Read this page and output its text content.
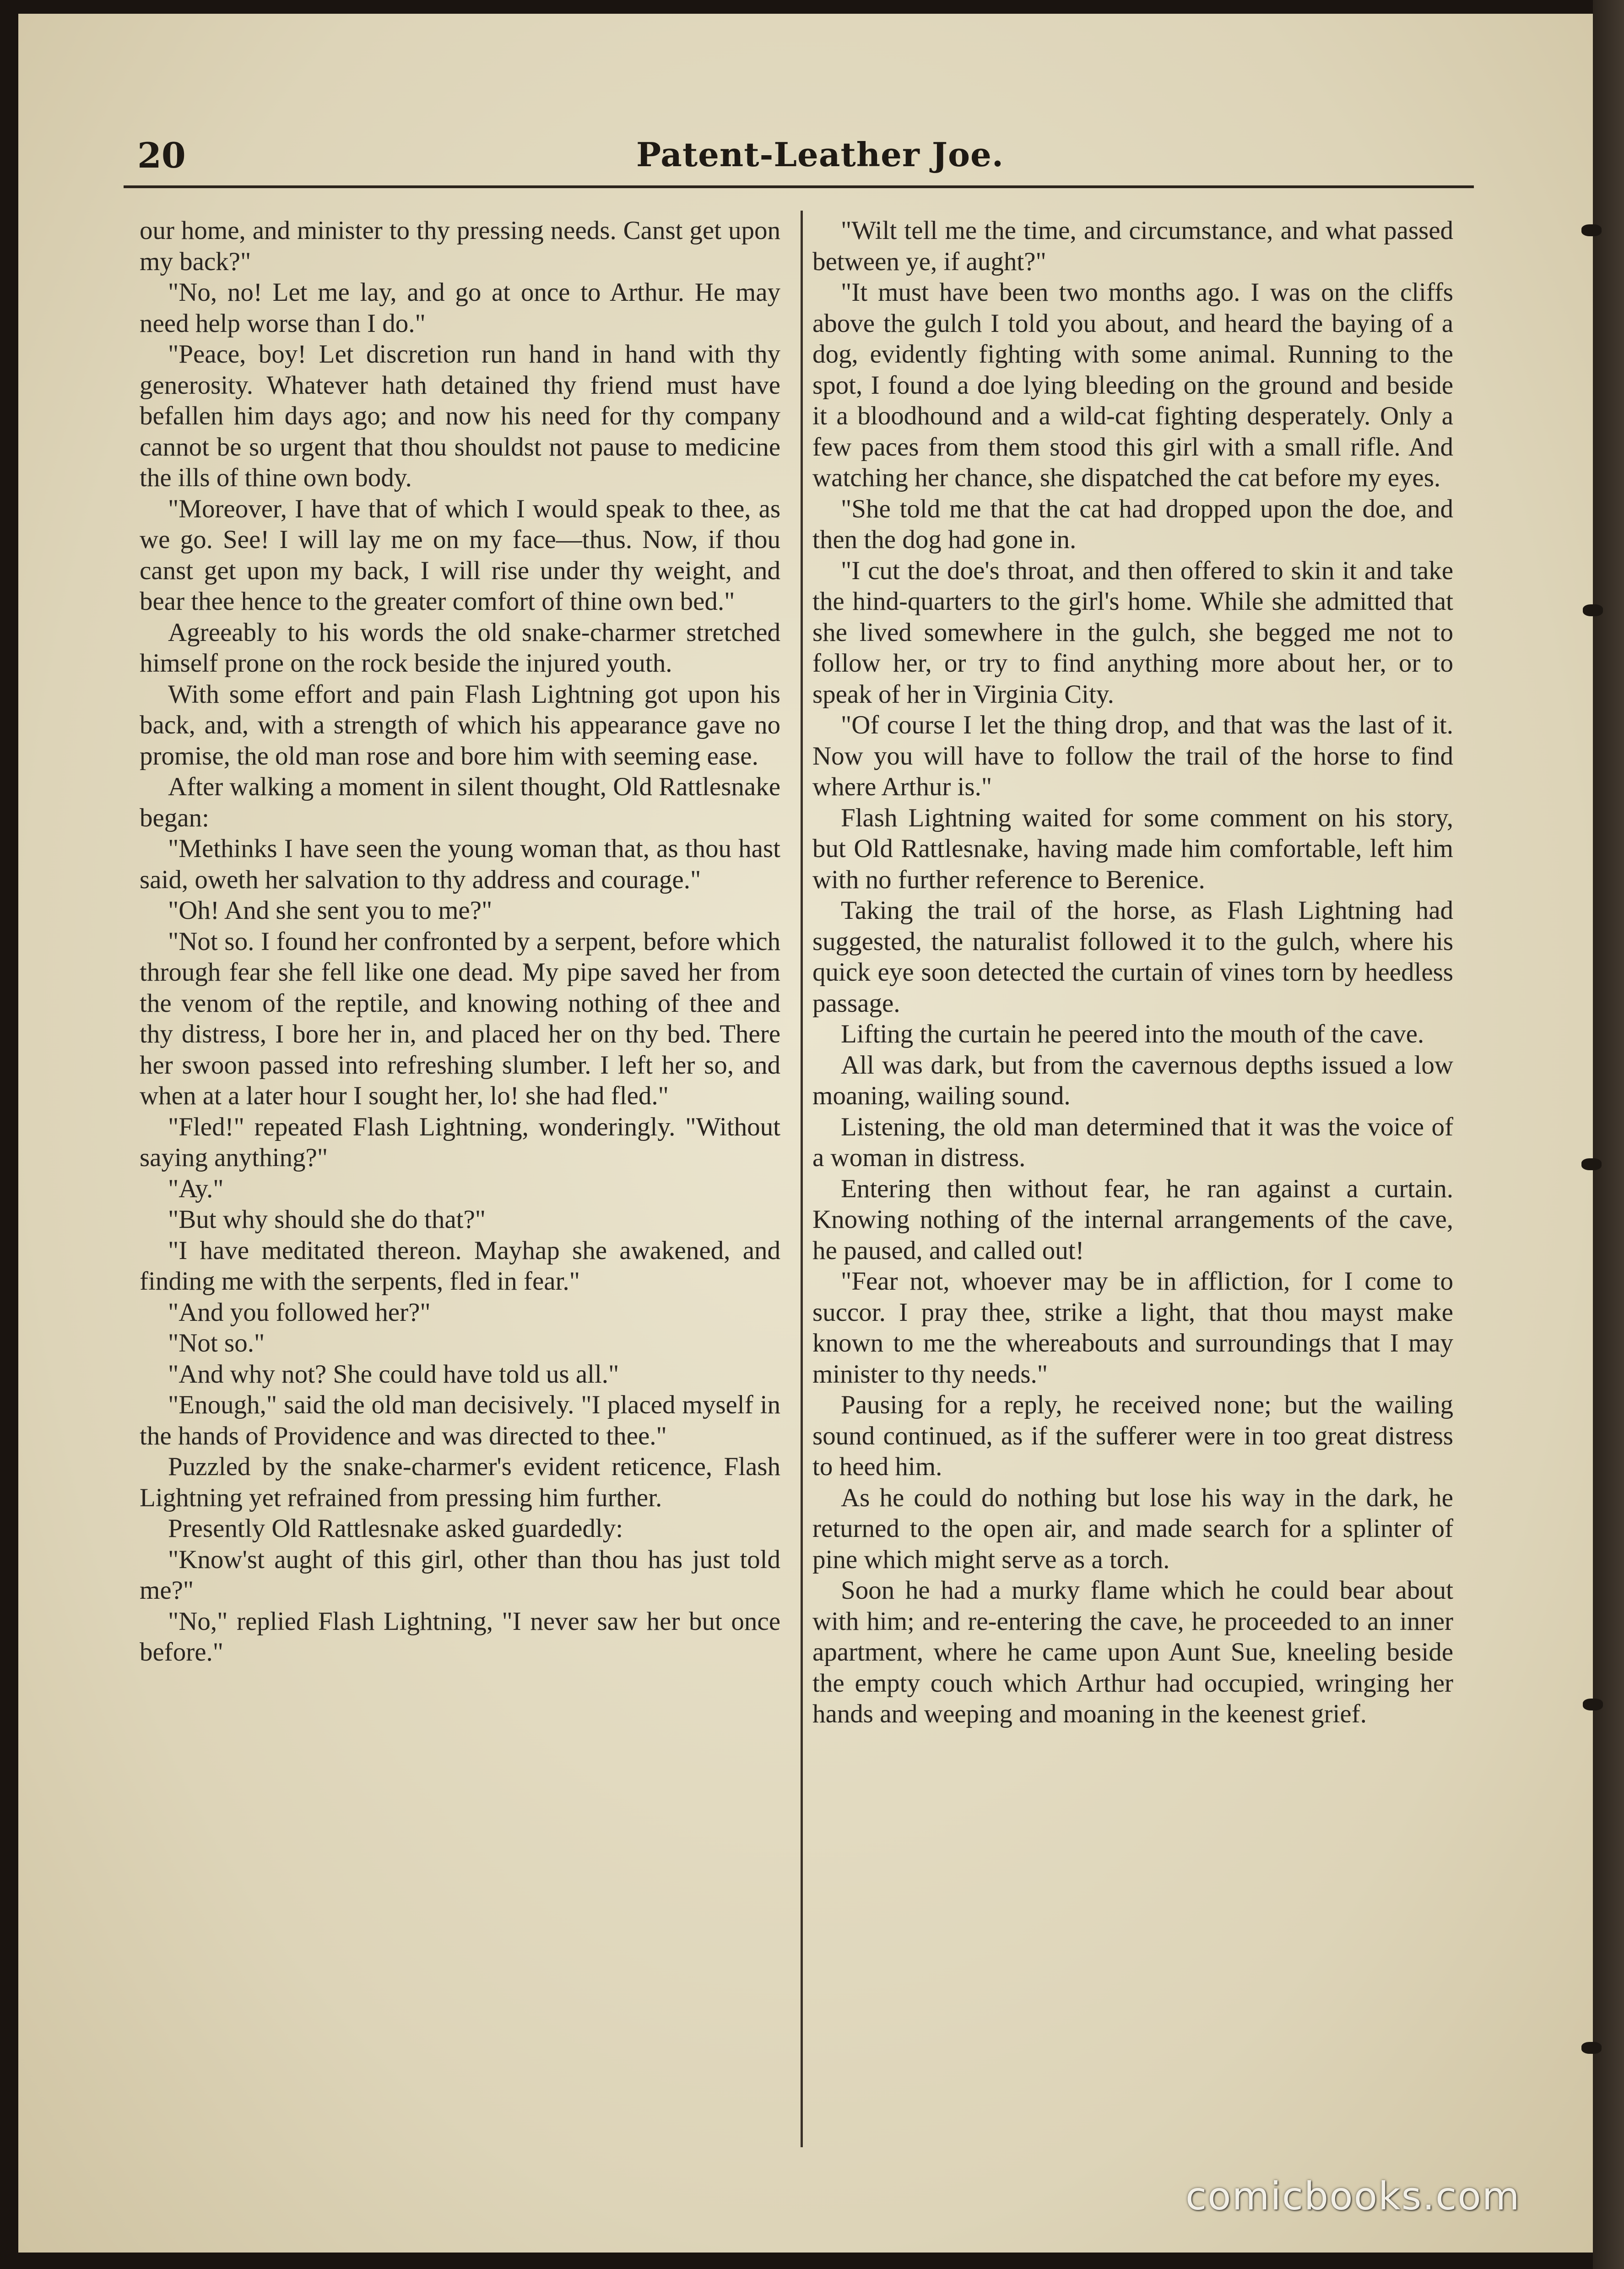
20	Patent-Leather Joe.

our home, and minister to thy pressing needs. Canst get upon my back?"

"No, no! Let me lay, and go at once to Arthur. He may need help worse than I do."

"Peace, boy! Let discretion run hand in hand with thy generosity. Whatever hath detained thy friend must have befallen him days ago; and now his need for thy company cannot be so urgent that thou shouldst not pause to medicine the ills of thine own body.

"Moreover, I have that of which I would speak to thee, as we go. See! I will lay me on my face—thus. Now, if thou canst get upon my back, I will rise under thy weight, and bear thee hence to the greater comfort of thine own bed."

Agreeably to his words the old snake-charmer stretched himself prone on the rock beside the injured youth.

With some effort and pain Flash Lightning got upon his back, and, with a strength of which his appearance gave no promise, the old man rose and bore him with seeming ease.

After walking a moment in silent thought, Old Rattlesnake began:

"Methinks I have seen the young woman that, as thou hast said, oweth her salvation to thy address and courage."

"Oh! And she sent you to me?"

"Not so. I found her confronted by a serpent, before which through fear she fell like one dead. My pipe saved her from the venom of the reptile, and knowing nothing of thee and thy distress, I bore her in, and placed her on thy bed. There her swoon passed into refreshing slumber. I left her so, and when at a later hour I sought her, lo! she had fled."

"Fled!" repeated Flash Lightning, wonderingly. "Without saying anything?"

"Ay."

"But why should she do that?"

"I have meditated thereon. Mayhap she awakened, and finding me with the serpents, fled in fear."

"And you followed her?"

"Not so."

"And why not? She could have told us all."

"Enough," said the old man decisively. "I placed myself in the hands of Providence and was directed to thee."

Puzzled by the snake-charmer's evident reticence, Flash Lightning yet refrained from pressing him further.

Presently Old Rattlesnake asked guardedly:

"Know'st aught of this girl, other than thou has just told me?"

"No," replied Flash Lightning, "I never saw her but once before."

"Wilt tell me the time, and circumstance, and what passed between ye, if aught?"

"It must have been two months ago. I was on the cliffs above the gulch I told you about, and heard the baying of a dog, evidently fighting with some animal. Running to the spot, I found a doe lying bleeding on the ground and beside it a bloodhound and a wild-cat fighting desperately. Only a few paces from them stood this girl with a small rifle. And watching her chance, she dispatched the cat before my eyes.

"She told me that the cat had dropped upon the doe, and then the dog had gone in.

"I cut the doe's throat, and then offered to skin it and take the hind-quarters to the girl's home. While she admitted that she lived somewhere in the gulch, she begged me not to follow her, or try to find anything more about her, or to speak of her in Virginia City.

"Of course I let the thing drop, and that was the last of it. Now you will have to follow the trail of the horse to find where Arthur is."

Flash Lightning waited for some comment on his story, but Old Rattlesnake, having made him comfortable, left him with no further reference to Berenice.

Taking the trail of the horse, as Flash Lightning had suggested, the naturalist followed it to the gulch, where his quick eye soon detected the curtain of vines torn by heedless passage.

Lifting the curtain he peered into the mouth of the cave.

All was dark, but from the cavernous depths issued a low moaning, wailing sound.

Listening, the old man determined that it was the voice of a woman in distress.

Entering then without fear, he ran against a curtain. Knowing nothing of the internal arrangements of the cave, he paused, and called out!

"Fear not, whoever may be in affliction, for I come to succor. I pray thee, strike a light, that thou mayst make known to me the whereabouts and surroundings that I may minister to thy needs."

Pausing for a reply, he received none; but the wailing sound continued, as if the sufferer were in too great distress to heed him.

As he could do nothing but lose his way in the dark, he returned to the open air, and made search for a splinter of pine which might serve as a torch.

Soon he had a murky flame which he could bear about with him; and re-entering the cave, he proceeded to an inner apartment, where he came upon Aunt Sue, kneeling beside the empty couch which Arthur had occupied, wringing her hands and weeping and moaning in the keenest grief.

comicbooks.com
